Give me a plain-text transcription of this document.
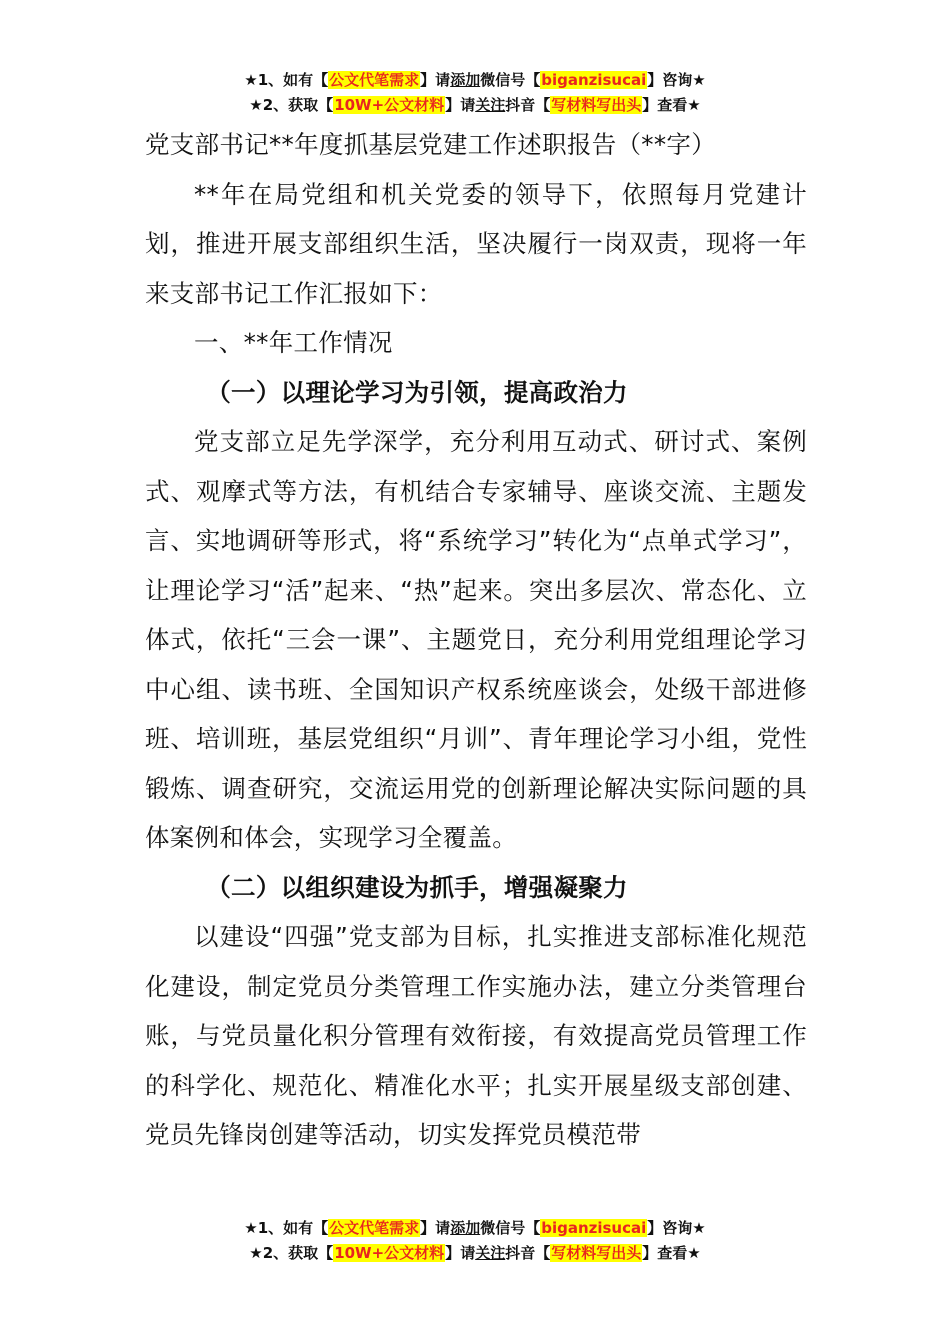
★1、如有【公文代笔需求】请添加微信号【biganzisucai】咨询★
★2、获取【10W+公文材料】请关注抖音【写材料写出头】查看★

党支部书记**年度抓基层党建工作述职报告（**字）

**年在局党组和机关党委的领导下，依照每月党建计划，推进开展支部组织生活，坚决履行一岗双责，现将一年来支部书记工作汇报如下：

一、**年工作情况

（一）以理论学习为引领，提高政治力

党支部立足先学深学，充分利用互动式、研讨式、案例式、观摩式等方法，有机结合专家辅导、座谈交流、主题发言、实地调研等形式，将“系统学习”转化为“点单式学习”，让理论学习“活”起来、“热”起来。突出多层次、常态化、立体式，依托“三会一课”、主题党日，充分利用党组理论学习中心组、读书班、全国知识产权系统座谈会，处级干部进修班、培训班，基层党组织“月训”、青年理论学习小组，党性锻炼、调查研究，交流运用党的创新理论解决实际问题的具体案例和体会，实现学习全覆盖。

（二）以组织建设为抓手，增强凝聚力

以建设“四强”党支部为目标，扎实推进支部标准化规范化建设，制定党员分类管理工作实施办法，建立分类管理台账，与党员量化积分管理有效衔接，有效提高党员管理工作的科学化、规范化、精准化水平；扎实开展星级支部创建、党员先锋岗创建等活动，切实发挥党员模范带

★1、如有【公文代笔需求】请添加微信号【biganzisucai】咨询★
★2、获取【10W+公文材料】请关注抖音【写材料写出头】查看★
